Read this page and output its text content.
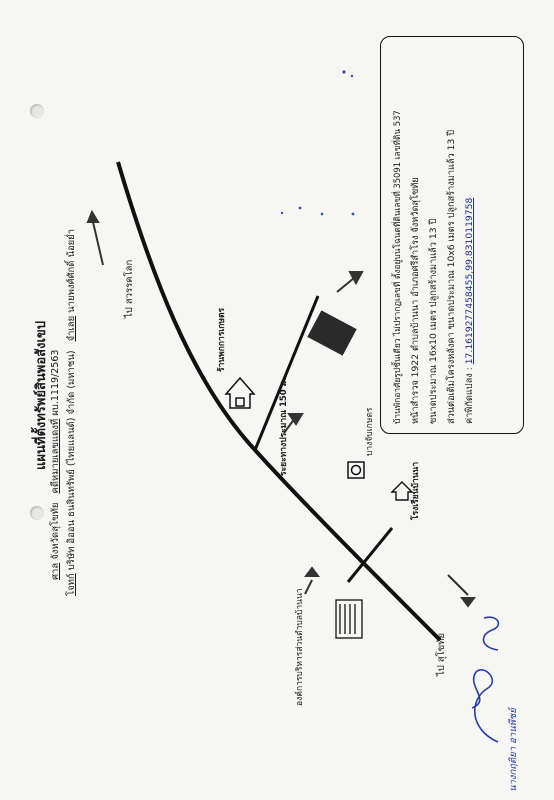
แผนที่ตั้งทรัพย์สินพอสังเขป
ศาล จังหวัดสุโขทัย   คดีหมายเลขแดงที่ ผบ.1119/2563
โจทก์ บริษัท อิออน ธนสินทรัพย์ (ไทยแลนด์) จำกัด (มหาชน)   จำเลย นายพงศ์ศักดิ์ น้อยย่ำ	ไป สวรรคโลก
ร้านพกการเกษตร
ระยะทางประมาณ 150 ม.	บางจับเกษตร
โรงเรียนบ้านนา
องค์การบริหารส่วนตำบลบ้านนา	ไป สุโขทัย
บ้านพักอาศัยรูปชั้นเดียว ไม่ปรากฏเลขที่ ตั้งอยู่บนโฉนดที่ดินเลขที่ 35091 เลขที่ดิน 537 หน้าสำรวจ 1922 ตำบลบ้านนา อำเภอศรีสำโรง จังหวัดสุโขทัย ขนาดประมาณ 16x10 เมตร ปลูกสร้างมาแล้ว 13 ปี ส่วนต่อเติมโครงหลังคา ขนาดประมาณ 10x6 เมตร ปลูกสร้างมาแล้ว 13 ปี ค่าพิกัดแปลง : 17.1619277458455,99.8310119758
นางกฤติยา อานพีชย์
